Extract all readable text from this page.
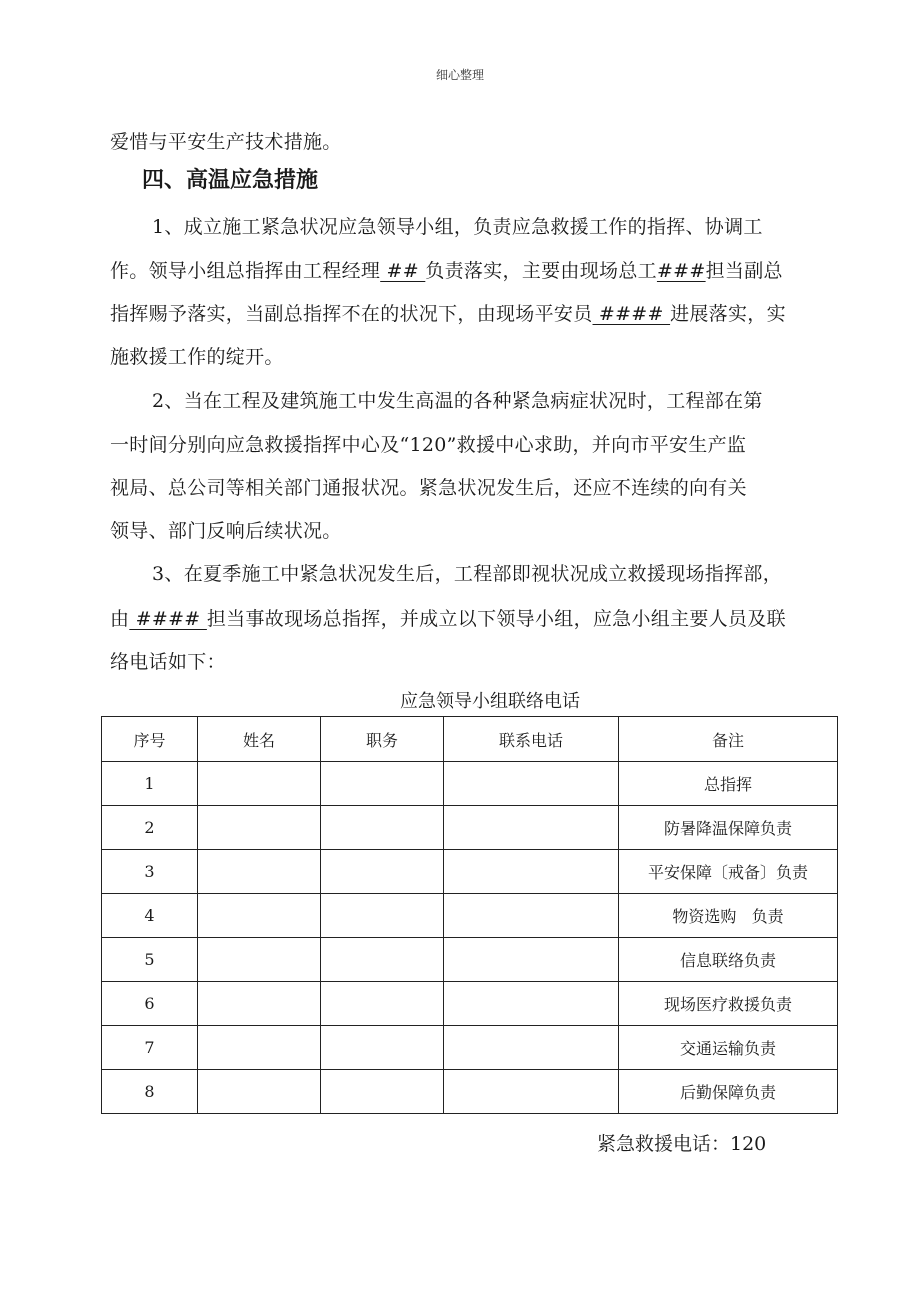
细心整理
爱惜与平安生产技术措施。
四、高温应急措施
1、成立施工紧急状况应急领导小组，负责应急救援工作的指挥、协调工
作。领导小组总指挥由工程经理 ## 负责落实，主要由现场总工###担当副总
指挥赐予落实，当副总指挥不在的状况下，由现场平安员 #### 进展落实，实
施救援工作的绽开。
2、当在工程及建筑施工中发生高温的各种紧急病症状况时，工程部在第
一时间分别向应急救援指挥中心及“120”救援中心求助，并向市平安生产监
视局、总公司等相关部门通报状况。紧急状况发生后，还应不连续的向有关
领导、部门反响后续状况。
3、在夏季施工中紧急状况发生后，工程部即视状况成立救援现场指挥部，
由 #### 担当事故现场总指挥，并成立以下领导小组，应急小组主要人员及联
络电话如下：
应急领导小组联络电话
序号	姓名	职务	联系电话	备注
1				总指挥
2				防暑降温保障负责
3				平安保障〔戒备〕负责
4				物资选购   负责
5				信息联络负责
6				现场医疗救援负责
7				交通运输负责
8				后勤保障负责
紧急救援电话：120
